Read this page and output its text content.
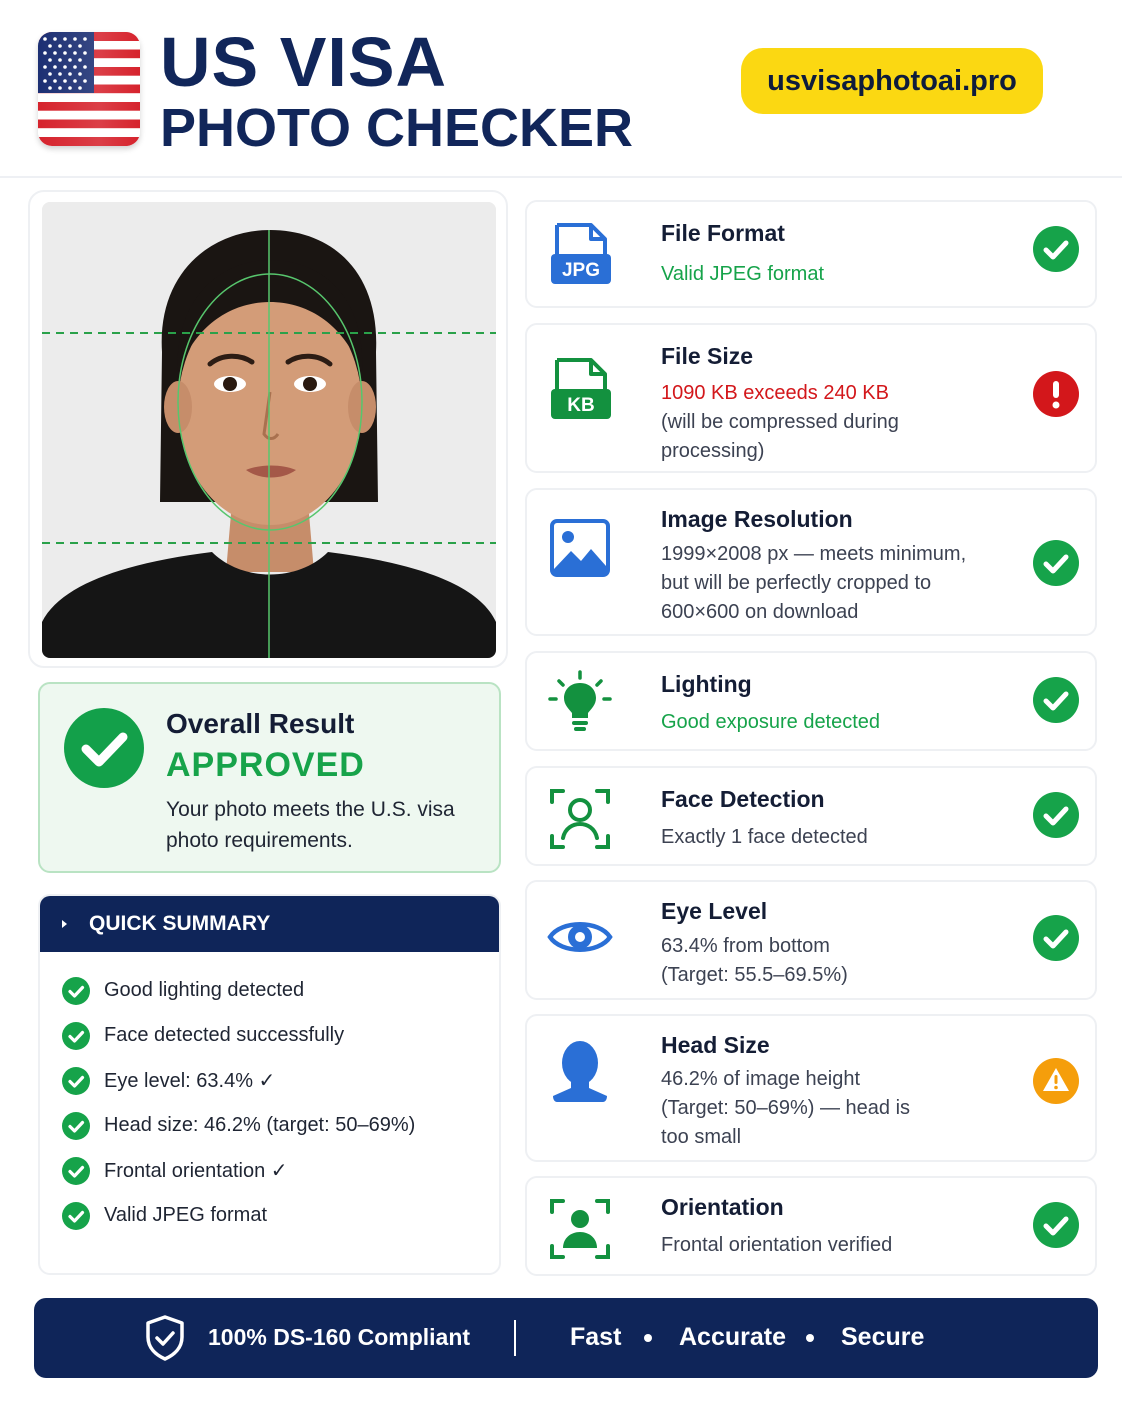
US VISA
PHOTO CHECKER
usvisaphotoai.pro
Overall Result
APPROVED
Your photo meets the U.S. visa photo requirements.
QUICK SUMMARY
Good lighting detected
Face detected successfully
Eye level: 63.4% ✓
Head size: 46.2% (target: 50–69%)
Frontal orientation ✓
Valid JPEG format
JPG
File Format
Valid JPEG format
KB
File Size
1090 KB exceeds 240 KB
(will be compressed during
processing)
Image Resolution
1999×2008 px — meets minimum,
but will be perfectly cropped to
600×600 on download
Lighting
Good exposure detected
Face Detection
Exactly 1 face detected
Eye Level
63.4% from bottom
(Target: 55.5–69.5%)
Head Size
46.2% of image height
(Target: 50–69%) — head is
too small
Orientation
Frontal orientation verified
100% DS-160 Compliant	Fast Accurate Secure
